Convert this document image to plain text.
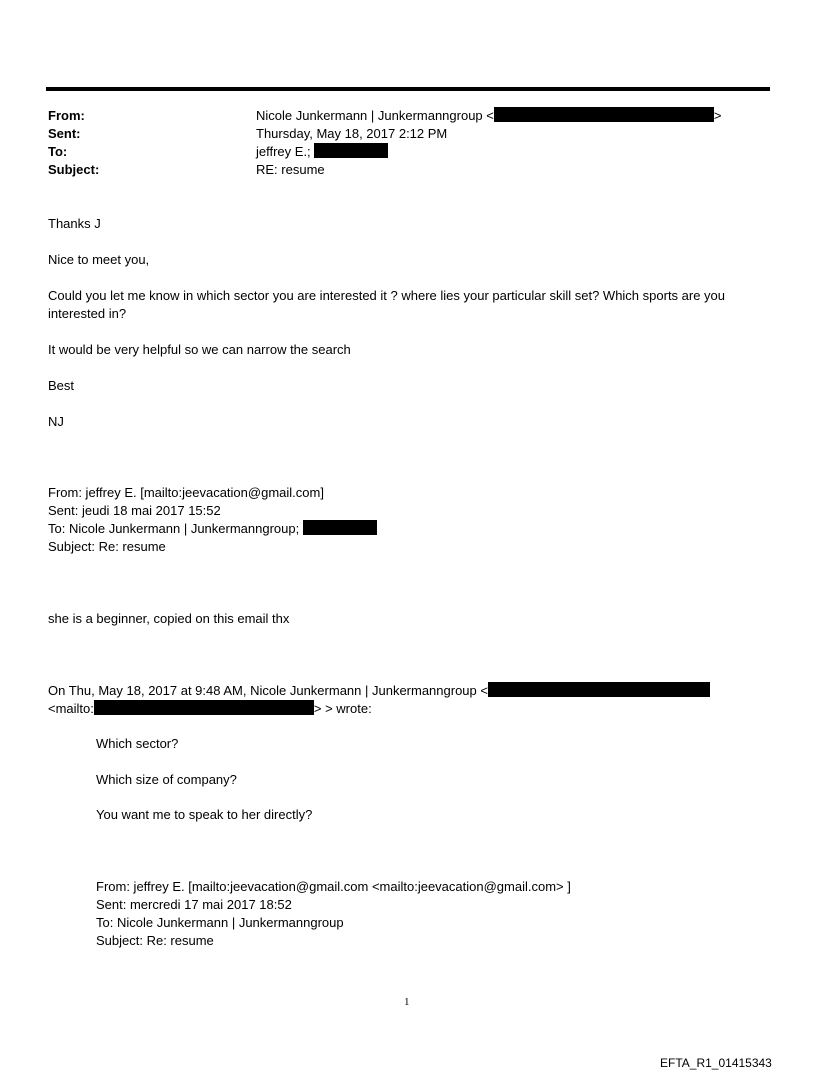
From:
Sent:
To:
Subject:
Nicole Junkermann | Junkermanngroup <	>
Thursday, May 18, 2017 2:12 PM
jeffrey E.;
RE: resume
Thanks J
Nice to meet you,
Could you let me know in which sector you are interested it ? where lies your particular skill set? Which sports are you
interested in?
It would be very helpful so we can narrow the search
Best
NJ
From: jeffrey E. [mailto:jeevacation@gmail.com]
Sent: jeudi 18 mai 2017 15:52
To: Nicole Junkermann | Junkermanngroup;
Subject: Re: resume
she is a beginner, copied on this email thx
On Thu, May 18, 2017 at 9:48 AM, Nicole Junkermann | Junkermanngroup <
<mailto:	> > wrote:
Which sector?
Which size of company?
You want me to speak to her directly?
From: jeffrey E. [mailto:jeevacation@gmail.com <mailto:jeevacation@gmail.com> ]
Sent: mercredi 17 mai 2017 18:52
To: Nicole Junkermann | Junkermanngroup
Subject: Re: resume
1
EFTA_R1_01415343
